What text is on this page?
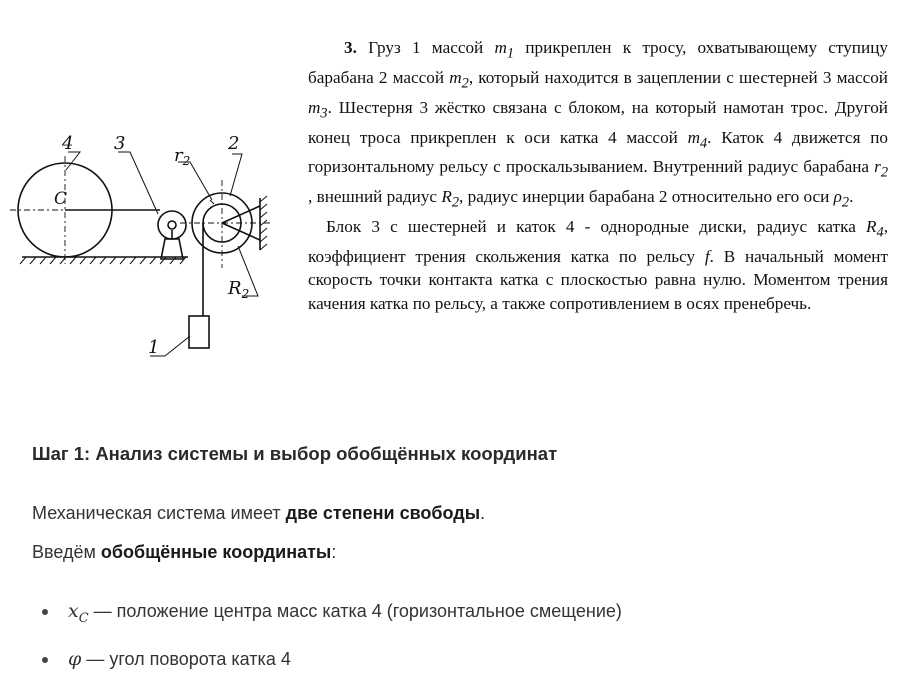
4 3
$r_2$
2
C
$R_2$
1

3. Груз 1 массой $m_1$ прикреплен к тросу, охватывающему ступицу барабана 2 массой $m_2$, который находится в зацеплении с шестерней 3 массой $m_3$. Шестерня 3 жёстко связана с блоком, на который намотан трос. Другой конец троса прикреплен к оси катка 4 массой $m_4$. Каток 4 движется по горизонтальному рельсу с проскальзыванием. Внутренний радиус барабана $r_2$ , внешний радиус $R_2$, радиус инерции барабана 2 относительно его оси $\rho_2$.

Блок 3 с шестерней и каток 4 - однородные диски, радиус катка $R_4$, коэффициент трения скольжения катка по рельсу f. В начальный момент скорость точки контакта катка с плоскостью равна нулю. Моментом трения качения катка по рельсу, а также сопротивлением в осях пренебречь.

Шаг 1: Анализ системы и выбор обобщённых координат

Механическая система имеет две степени свободы.

Введём обобщённые координаты:

$x_C$ — положение центра масс катка 4 (горизонтальное смещение)
φ — угол поворота катка 4
